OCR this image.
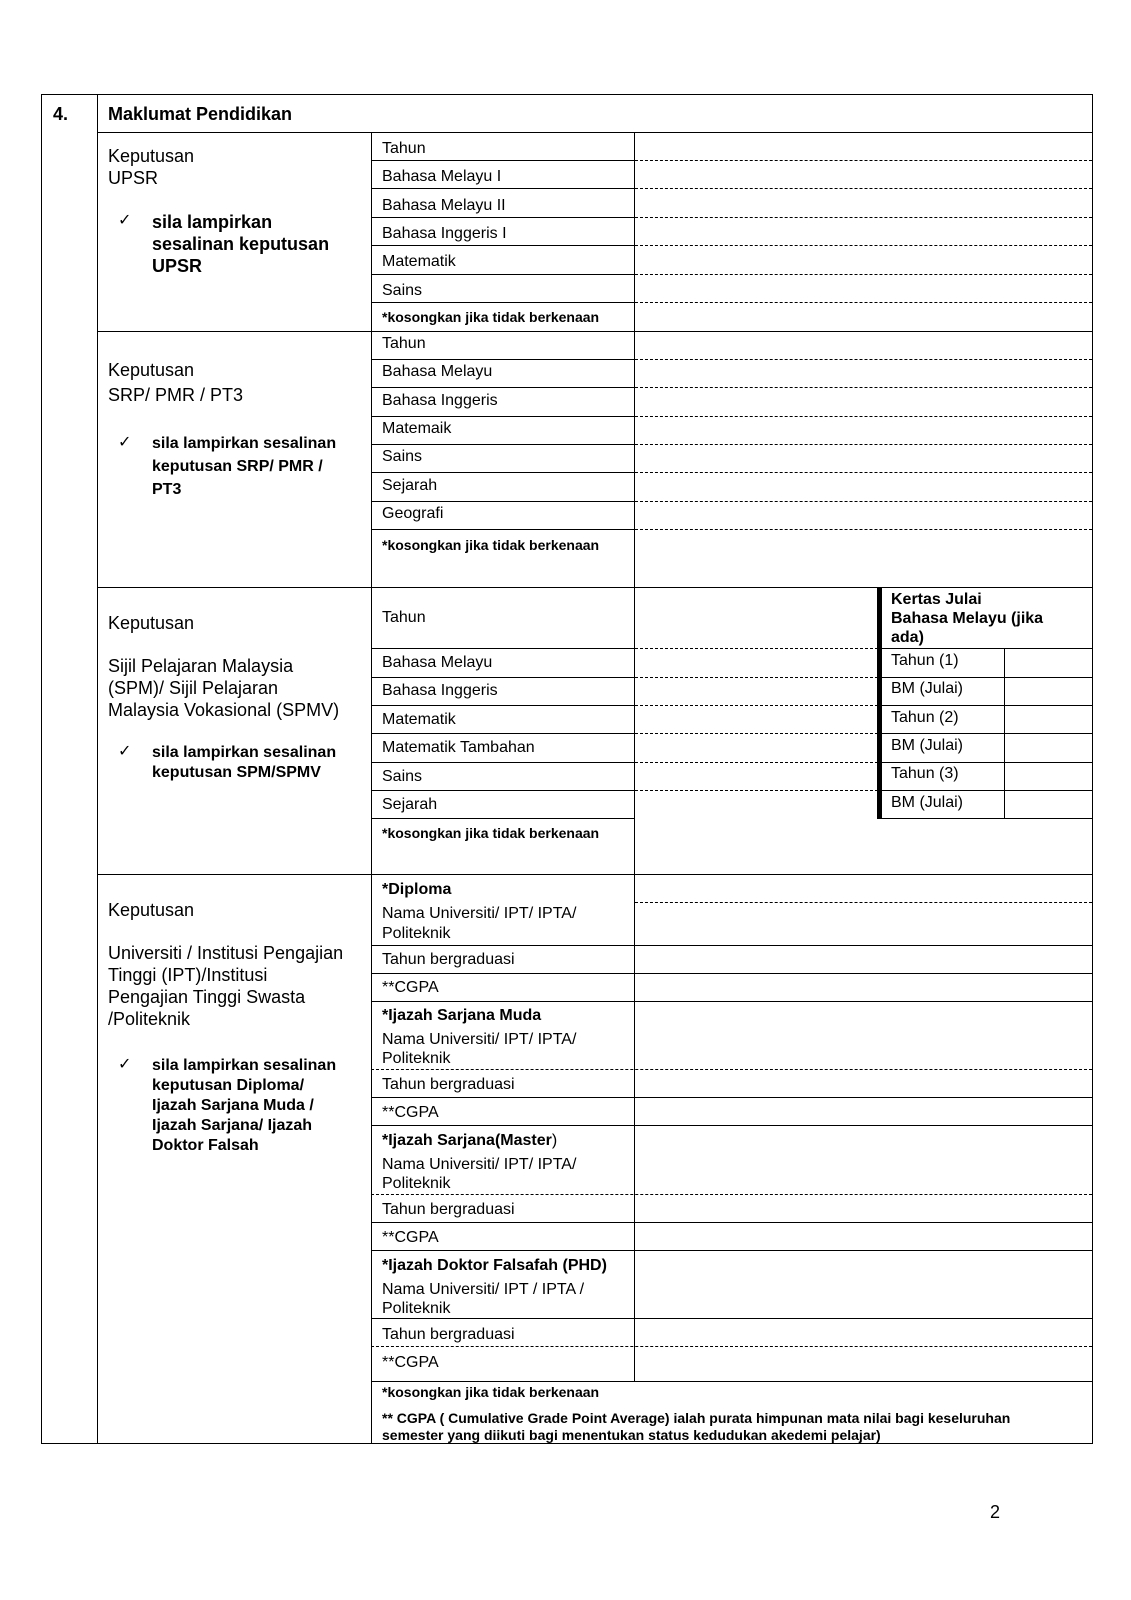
4. Maklumat Pendidikan
Keputusan
UPSR
✓ sila lampirkan
sesalinan keputusan
UPSR
Tahun
Bahasa Melayu I
Bahasa Melayu II
Bahasa Inggeris I
Matematik
Sains
*kosongkan jika tidak berkenaan
Keputusan
SRP/ PMR / PT3
✓ sila lampirkan sesalinan
keputusan SRP/ PMR /
PT3
Tahun
Bahasa Melayu
Bahasa Inggeris
Matemaik
Sains
Sejarah
Geografi
*kosongkan jika tidak berkenaan
Keputusan
Sijil Pelajaran Malaysia
(SPM)/ Sijil Pelajaran
Malaysia Vokasional (SPMV)
✓ sila lampirkan sesalinan
keputusan SPM/SPMV
Kertas Julai
Bahasa Melayu (jika
ada)
Tahun (1)
BM (Julai)
Tahun (2)
BM (Julai)
Tahun (3)
BM (Julai)
Tahun
Bahasa Melayu
Bahasa Inggeris
Matematik
Matematik Tambahan
Sains
Sejarah
*kosongkan jika tidak berkenaan
Keputusan
Universiti / Institusi Pengajian
Tinggi (IPT)/Institusi
Pengajian Tinggi Swasta
/Politeknik
✓ sila lampirkan sesalinan
keputusan Diploma/
Ijazah Sarjana Muda /
Ijazah Sarjana/ Ijazah
Doktor Falsah
*Diploma
Nama Universiti/ IPT/ IPTA/
Politeknik
Tahun bergraduasi
**CGPA
*Ijazah Sarjana Muda
Nama Universiti/ IPT/ IPTA/
Politeknik
Tahun bergraduasi
**CGPA
*Ijazah Sarjana(Master)
Nama Universiti/ IPT/ IPTA/
Politeknik
Tahun bergraduasi
**CGPA
*Ijazah Doktor Falsafah (PHD)
Nama Universiti/ IPT / IPTA /
Politeknik
Tahun bergraduasi
**CGPA
*kosongkan jika tidak berkenaan
** CGPA ( Cumulative Grade Point Average) ialah purata himpunan mata nilai bagi keseluruhan
semester yang diikuti bagi menentukan status kedudukan akedemi pelajar)
2
